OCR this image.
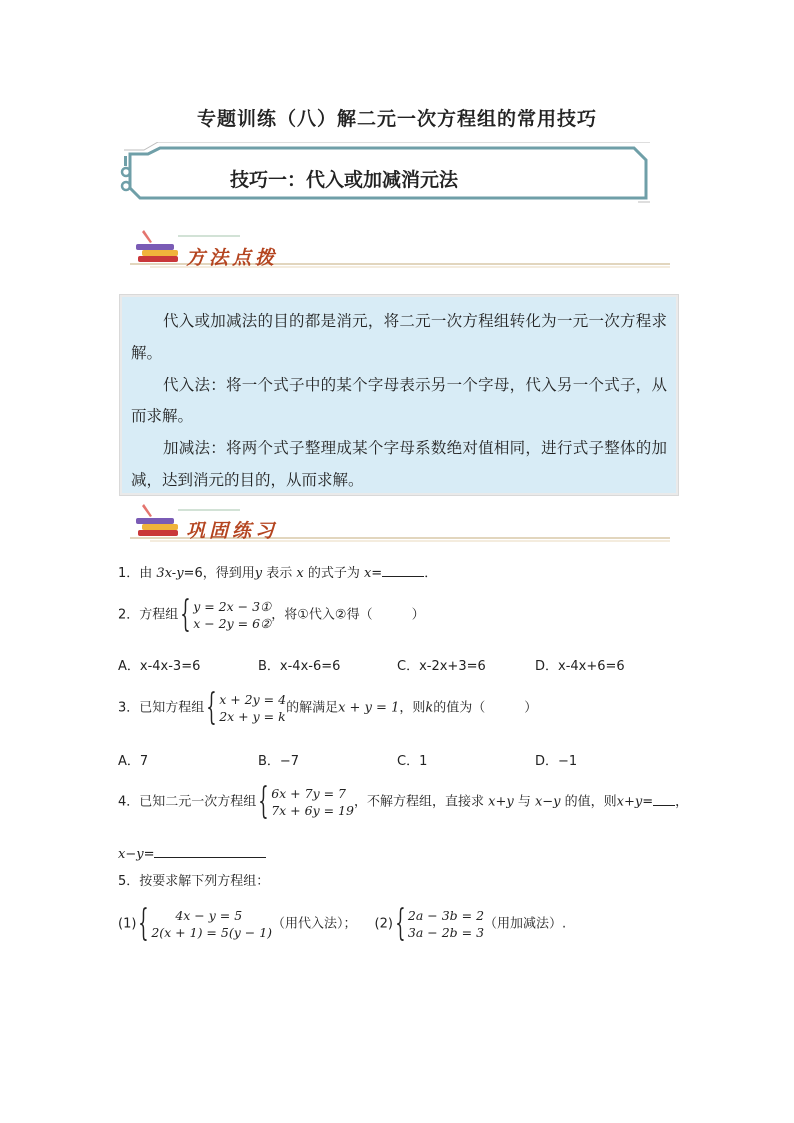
专题训练（八）解二元一次方程组的常用技巧
技巧一：代入或加减消元法
方法点拨

代入或加减法的目的都是消元，将二元一次方程组转化为一元一次方程求解。

代入法：将一个式子中的某个字母表示另一个字母，代入另一个式子，从而求解。

加减法：将两个式子整理成某个字母系数绝对值相同，进行式子整体的加减，达到消元的目的，从而求解。

巩固练习
1．由 3x-y=6，得到用y 表示 x 的式子为 x=	．
2．方程组 { y = 2x − 3①
x − 2y = 6②
，将①代入②得（　　　）
A．x-4x-3=6	B．x-4x-6=6	C．x-2x+3=6	D．x-4x+6=6
3．已知方程组 { x + 2y = 4
2x + y = k
的解满足x + y = 1，则k的值为（　　　）
A．7	B．−7	C．1	D．−1
4．已知二元一次方程组 { 6x + 7y = 7
7x + 6y = 19
，不解方程组，直接求 x+y 与 x−y 的值，则x+y= ，
x−y=
5．按要求解下列方程组：
(1) {	4x − y = 5
2(x + 1) = 5(y − 1)
（用代入法）； (2) { 2a − 3b = 2
3a − 2b = 3
（用加减法）.
